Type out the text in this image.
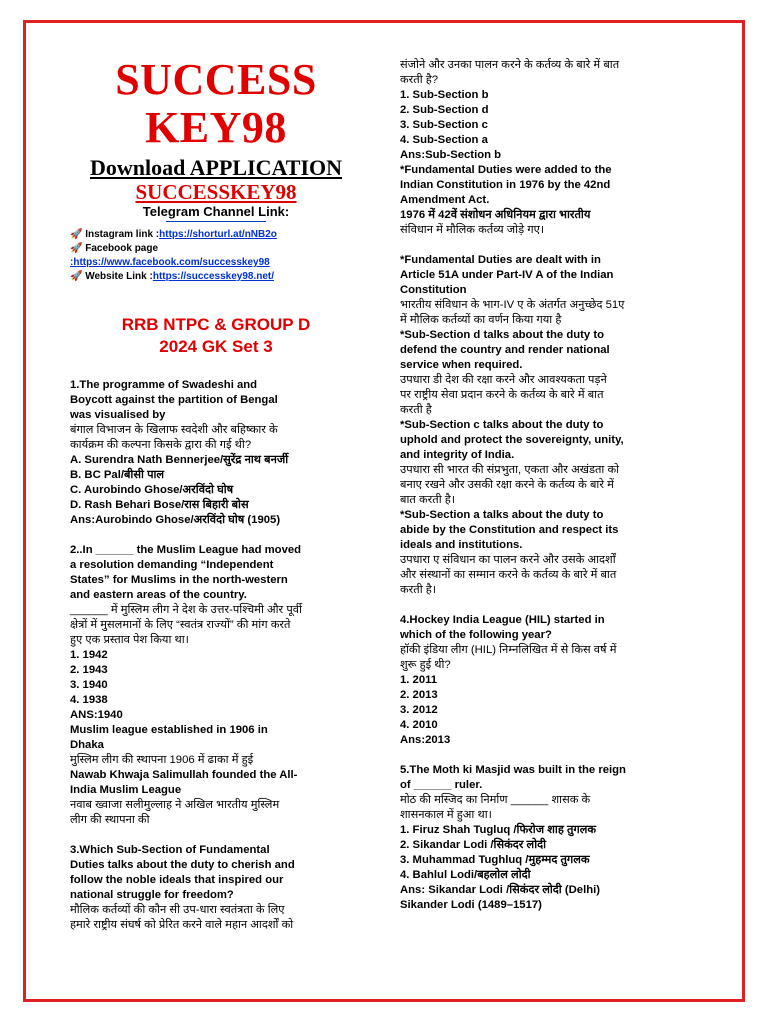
SUCCESS
KEY98
Download APPLICATION
SUCCESSKEY98
Telegram Channel Link:
🚀 Instagram link :https://shorturl.at/nNB2o
🚀 Facebook page
:https://www.facebook.com/successkey98
🚀 Website Link :https://successkey98.net/
RRB NTPC & GROUP D
2024 GK Set 3
1.The programme of Swadeshi and
Boycott against the partition of Bengal
was visualised by
बंगाल विभाजन के खिलाफ स्वदेशी और बहिष्कार के
कार्यक्रम की कल्पना किसके द्वारा की गई थी?
A. Surendra Nath Bennerjee/सुरेंद्र नाथ बनर्जी
B. BC Pal/बीसी पाल
C. Aurobindo Ghose/अरविंदो घोष
D. Rash Behari Bose/रास बिहारी बोस
Ans:Aurobindo Ghose/अरविंदो घोष (1905)

2..In ______ the Muslim League had moved
a resolution demanding “Independent
States” for Muslims in the north-western
and eastern areas of the country.
______ में मुस्लिम लीग ने देश के उत्तर-पश्चिमी और पूर्वी
क्षेत्रों में मुसलमानों के लिए “स्वतंत्र राज्यों” की मांग करते
हुए एक प्रस्ताव पेश किया था।
1. 1942
2. 1943
3. 1940
4. 1938
ANS:1940
Muslim league established in 1906 in
Dhaka
मुस्लिम लीग की स्थापना 1906 में ढाका में हुई
Nawab Khwaja Salimullah founded the All-
India Muslim League
नवाब ख्वाजा सलीमुल्लाह ने अखिल भारतीय मुस्लिम
लीग की स्थापना की

3.Which Sub-Section of Fundamental
Duties talks about the duty to cherish and
follow the noble ideals that inspired our
national struggle for freedom?
मौलिक कर्तव्यों की कौन सी उप-धारा स्वतंत्रता के लिए
हमारे राष्ट्रीय संघर्ष को प्रेरित करने वाले महान आदर्शों को
संजोने और उनका पालन करने के कर्तव्य के बारे में बात
करती है?
1. Sub-Section b
2. Sub-Section d
3. Sub-Section c
4. Sub-Section a
Ans:Sub-Section b
*Fundamental Duties were added to the
Indian Constitution in 1976 by the 42nd
Amendment Act.
1976 में 42वें संशोधन अधिनियम द्वारा भारतीय
संविधान में मौलिक कर्तव्य जोड़े गए।

*Fundamental Duties are dealt with in
Article 51A under Part-IV A of the Indian
Constitution
भारतीय संविधान के भाग-IV ए के अंतर्गत अनुच्छेद 51ए
में मौलिक कर्तव्यों का वर्णन किया गया है
*Sub-Section d talks about the duty to
defend the country and render national
service when required.
उपधारा डी देश की रक्षा करने और आवश्यकता पड़ने
पर राष्ट्रीय सेवा प्रदान करने के कर्तव्य के बारे में बात
करती है
*Sub-Section c talks about the duty to
uphold and protect the sovereignty, unity,
and integrity of India.
उपधारा सी भारत की संप्रभुता, एकता और अखंडता को
बनाए रखने और उसकी रक्षा करने के कर्तव्य के बारे में
बात करती है।
*Sub-Section a talks about the duty to
abide by the Constitution and respect its
ideals and institutions.
उपधारा ए संविधान का पालन करने और उसके आदर्शों
और संस्थानों का सम्मान करने के कर्तव्य के बारे में बात
करती है।

4.Hockey India League (HIL) started in
which of the following year?
हॉकी इंडिया लीग (HIL) निम्नलिखित में से किस वर्ष में
शुरू हुई थी?
1. 2011
2. 2013
3. 2012
4. 2010
Ans:2013

5.The Moth ki Masjid was built in the reign
of ______ ruler.
मोठ की मस्जिद का निर्माण ______ शासक के
शासनकाल में हुआ था।
1. Firuz Shah Tugluq /फिरोज शाह तुगलक
2. Sikandar Lodi /सिकंदर लोदी
3. Muhammad Tughluq /मुहम्मद तुगलक
4. Bahlul Lodi/बहलोल लोदी
Ans: Sikandar Lodi /सिकंदर लोदी (Delhi)
Sikander Lodi (1489–1517)
